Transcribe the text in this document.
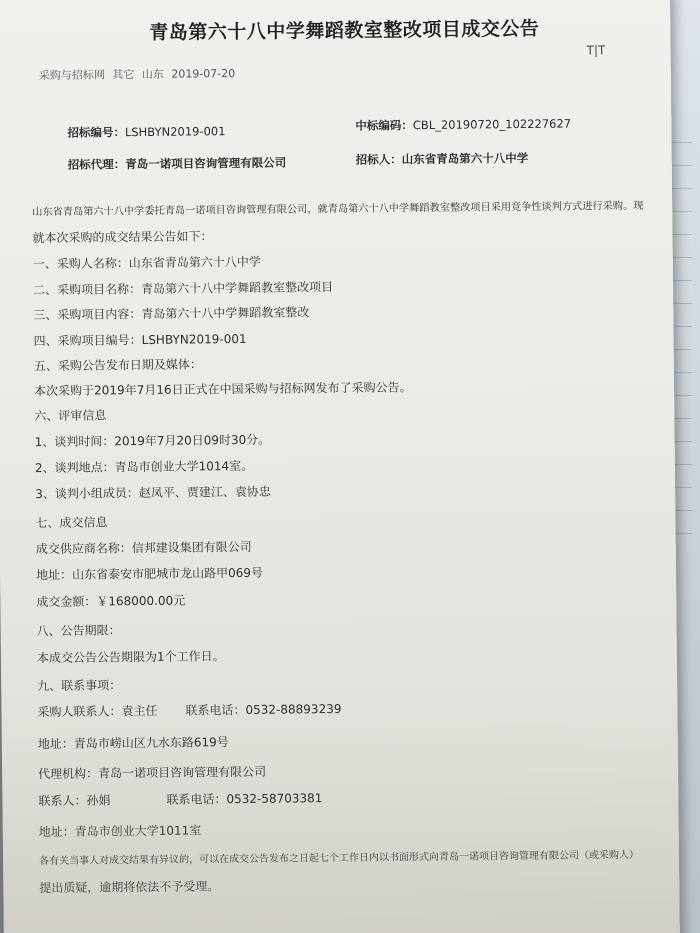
青岛第六十八中学舞蹈教室整改项目成交公告
T|T
采购与招标网 其它 山东 2019-07-20
招标编号：LSHBYN2019-001	中标编码：CBL_20190720_102227627
招标代理：青岛一诺项目咨询管理有限公司	招标人：山东省青岛第六十八中学
山东省青岛第六十八中学委托青岛一诺项目咨询管理有限公司，就青岛第六十八中学舞蹈教室整改项目采用竞争性谈判方式进行采购。现
就本次采购的成交结果公告如下：
一、采购人名称：山东省青岛第六十八中学
二、采购项目名称：青岛第六十八中学舞蹈教室整改项目
三、采购项目内容：青岛第六十八中学舞蹈教室整改
四、采购项目编号：LSHBYN2019-001
五、采购公告发布日期及媒体：
本次采购于2019年7月16日正式在中国采购与招标网发布了采购公告。
六、评审信息
1、谈判时间：2019年7月20日09时30分。
2、谈判地点：青岛市创业大学1014室。
3、谈判小组成员：赵凤平、贾建江、袁协忠
七、成交信息
成交供应商名称：信邦建设集团有限公司
地址：山东省泰安市肥城市龙山路甲069号
成交金额：￥168000.00元
八、公告期限：
本成交公告公告期限为1个工作日。
九、联系事项：
采购人联系人：袁主任 联系电话：0532-88893239
地址：青岛市崂山区九水东路619号
代理机构：青岛一诺项目咨询管理有限公司
联系人：孙娟	联系电话：0532-58703381
地址：青岛市创业大学1011室
各有关当事人对成交结果有异议的，可以在成交公告发布之日起七个工作日内以书面形式向青岛一诺项目咨询管理有限公司（或采购人）
提出质疑，逾期将依法不予受理。
